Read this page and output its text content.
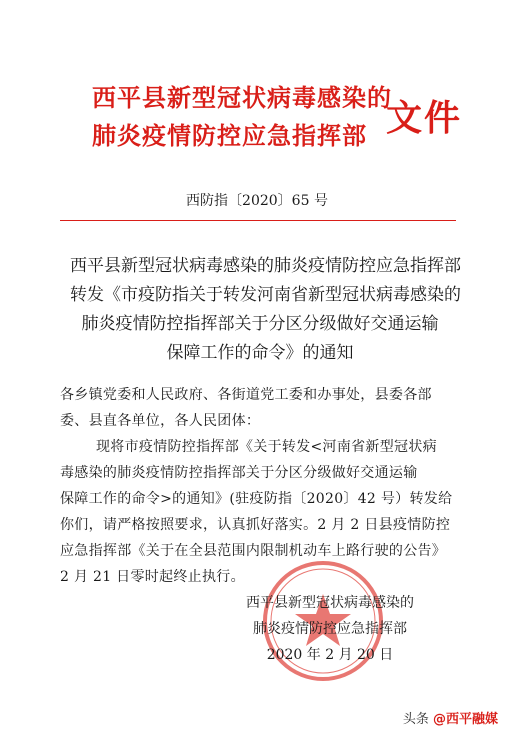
西平县新型冠状病毒感染的
肺炎疫情防控应急指挥部 文件
西防指〔2020〕65 号
西平县新型冠状病毒感染的肺炎疫情防控应急指挥部
转发《市疫防指关于转发河南省新型冠状病毒感染的
肺炎疫情防控指挥部关于分区分级做好交通运输
保障工作的命令》的通知
各乡镇党委和人民政府、各街道党工委和办事处，县委各部
委、县直各单位，各人民团体：
现将市疫情防控指挥部《关于转发<河南省新型冠状病
毒感染的肺炎疫情防控指挥部关于分区分级做好交通运输
保障工作的命令>的通知》(驻疫防指〔2020〕42 号）转发给
你们，请严格按照要求，认真抓好落实。2 月 2 日县疫情防控
应急指挥部《关于在全县范围内限制机动车上路行驶的公告》
2 月 21 日零时起终止执行。
西平县新型冠状病毒感染的
肺炎疫情防控应急指挥部
2020 年 2 月 20 日
头条 @西平融媒
